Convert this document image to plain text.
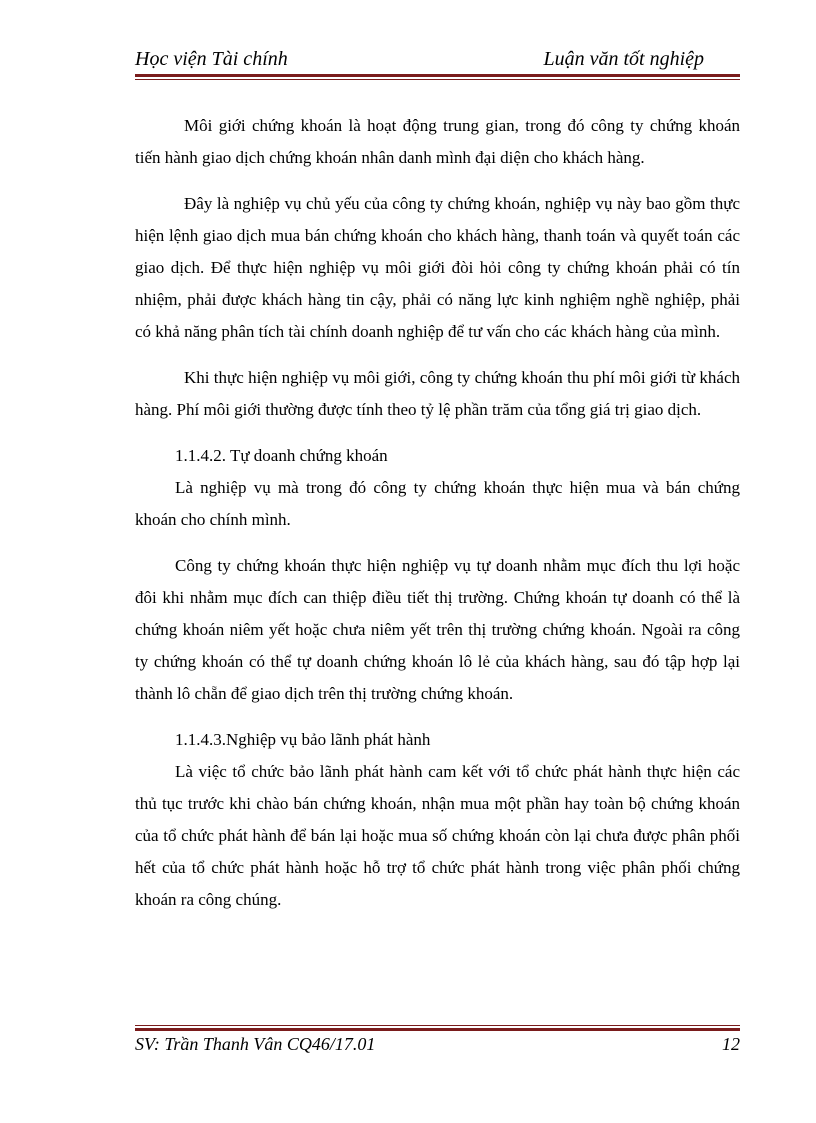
Học viện Tài chính	Luận văn tốt nghiệp

Môi giới chứng khoán là hoạt động trung gian, trong đó công ty chứng khoán tiến hành giao dịch chứng khoán nhân danh mình đại diện cho khách hàng.

Đây là nghiệp vụ chủ yếu của công ty chứng khoán, nghiệp vụ này bao gồm thực hiện lệnh giao dịch mua bán chứng khoán cho khách hàng, thanh toán và quyết toán các giao dịch. Để thực hiện nghiệp vụ môi giới đòi hỏi công ty chứng khoán phải có tín nhiệm, phải được khách hàng tin cậy, phải có năng lực kinh nghiệm nghề nghiệp, phải có khả năng phân tích tài chính doanh nghiệp để tư vấn cho các khách hàng của mình.

Khi thực hiện nghiệp vụ môi giới, công ty chứng khoán thu phí môi giới từ khách hàng. Phí môi giới thường được tính theo tỷ lệ phần trăm của tổng giá trị giao dịch.

1.1.4.2. Tự doanh chứng khoán

Là nghiệp vụ mà trong đó công ty chứng khoán thực hiện mua và bán chứng khoán cho chính mình.

Công ty chứng khoán thực hiện nghiệp vụ tự doanh nhằm mục đích thu lợi hoặc đôi khi nhằm mục đích can thiệp điều tiết thị trường. Chứng khoán tự doanh có thể là chứng khoán niêm yết hoặc chưa niêm yết trên thị trường chứng khoán. Ngoài ra công ty chứng khoán có thể tự doanh chứng khoán lô lẻ của khách hàng, sau đó tập hợp lại thành lô chẵn để giao dịch trên thị trường chứng khoán.

1.1.4.3.Nghiệp vụ bảo lãnh phát hành

Là việc tổ chức bảo lãnh phát hành cam kết với tổ chức phát hành thực hiện các thủ tục trước khi chào bán chứng khoán, nhận mua một phần hay toàn bộ chứng khoán của tổ chức phát hành để bán lại hoặc mua số chứng khoán còn lại chưa được phân phối hết của tổ chức phát hành hoặc hỗ trợ tổ chức phát hành trong việc phân phối chứng khoán ra công chúng.

SV: Trần Thanh Vân CQ46/17.01	12
